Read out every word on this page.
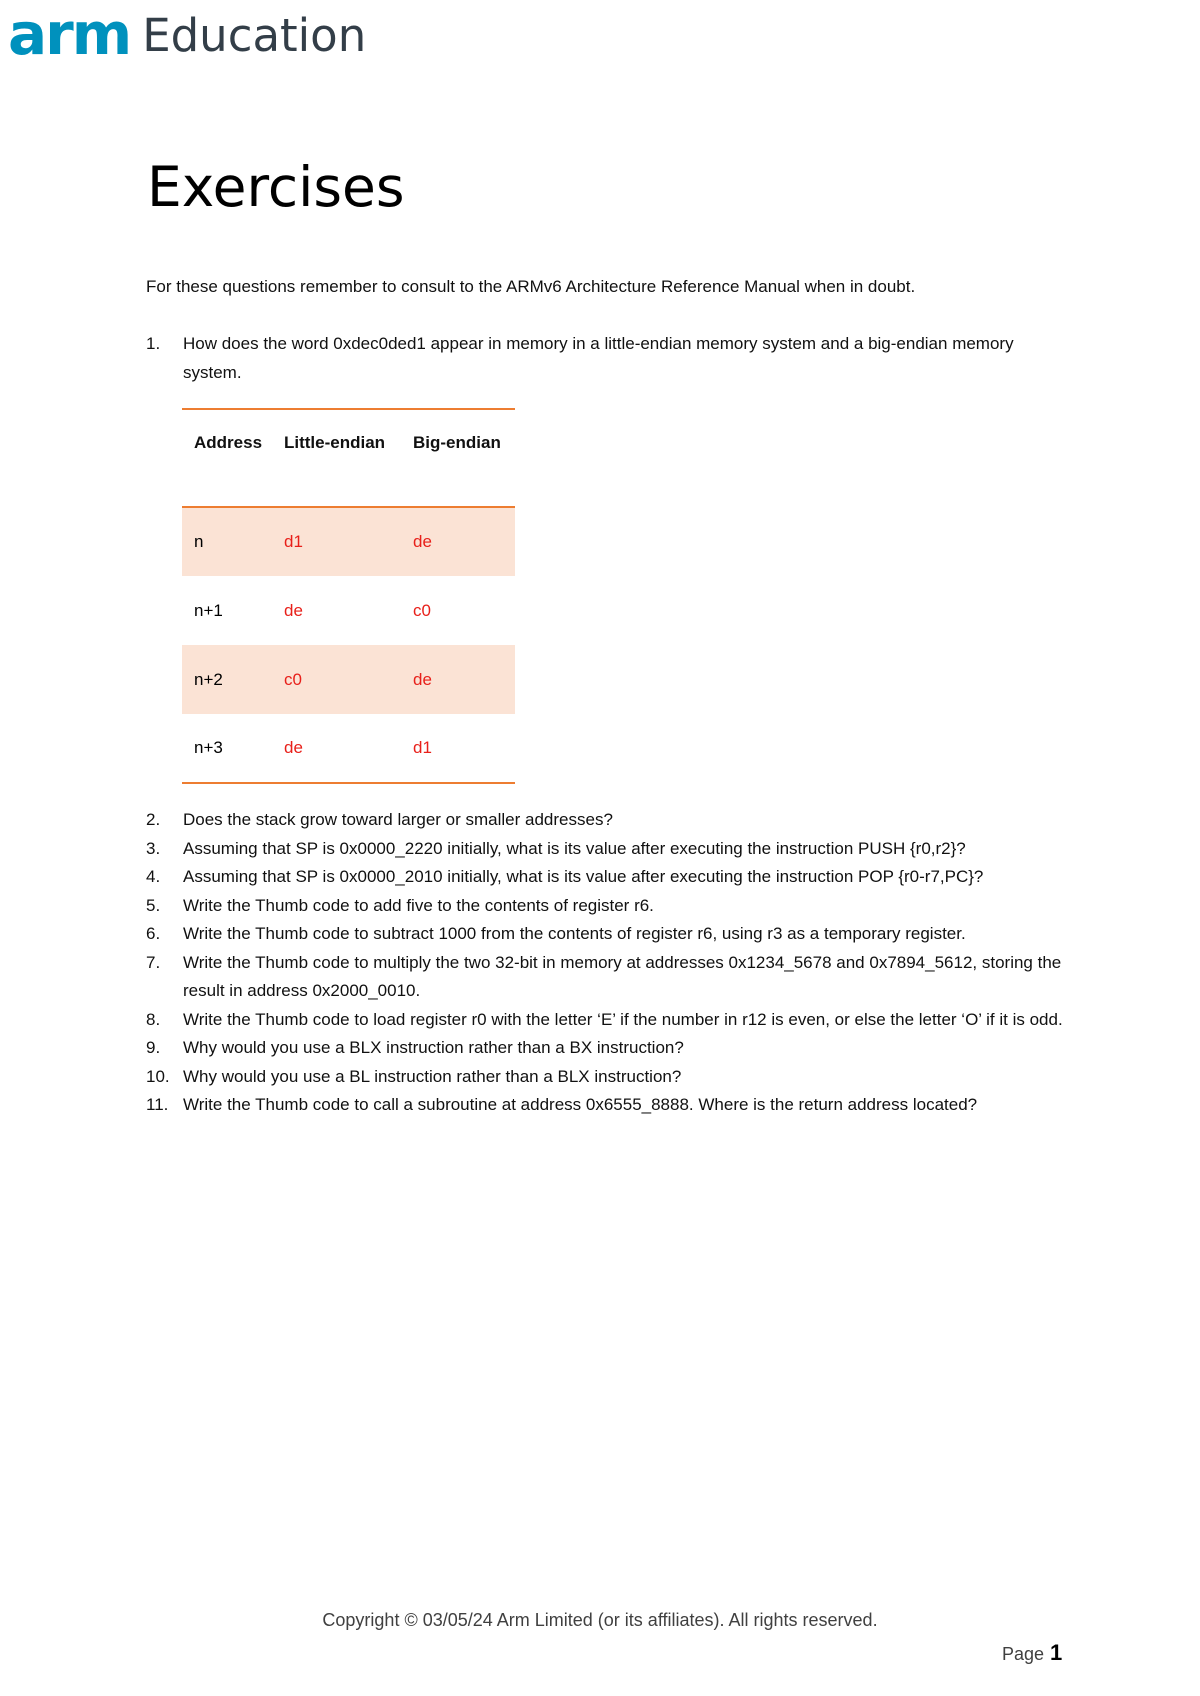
arm Education
Exercises

For these questions remember to consult to the ARMv6 Architecture Reference Manual when in doubt.

1. How does the word 0xdec0ded1 appear in memory in a little-endian memory system and a big-endian memory system.
Address	Little-endian	Big-endian
n	d1	de
n+1	de	c0
n+2	c0	de
n+3	de	d1
2. Does the stack grow toward larger or smaller addresses?
3. Assuming that SP is 0x0000_2220 initially, what is its value after executing the instruction PUSH {r0,r2}?
4. Assuming that SP is 0x0000_2010 initially, what is its value after executing the instruction POP {r0-r7,PC}?
5. Write the Thumb code to add five to the contents of register r6.
6. Write the Thumb code to subtract 1000 from the contents of register r6, using r3 as a temporary register.
7. Write the Thumb code to multiply the two 32-bit in memory at addresses 0x1234_5678 and 0x7894_5612, storing the result in address 0x2000_0010.
8. Write the Thumb code to load register r0 with the letter ‘E’ if the number in r12 is even, or else the letter ‘O’ if it is odd.
9. Why would you use a BLX instruction rather than a BX instruction?
10. Why would you use a BL instruction rather than a BLX instruction?
11. Write the Thumb code to call a subroutine at address 0x6555_8888. Where is the return address located?
Copyright © 03/05/24 Arm Limited (or its affiliates). All rights reserved.
Page 1
